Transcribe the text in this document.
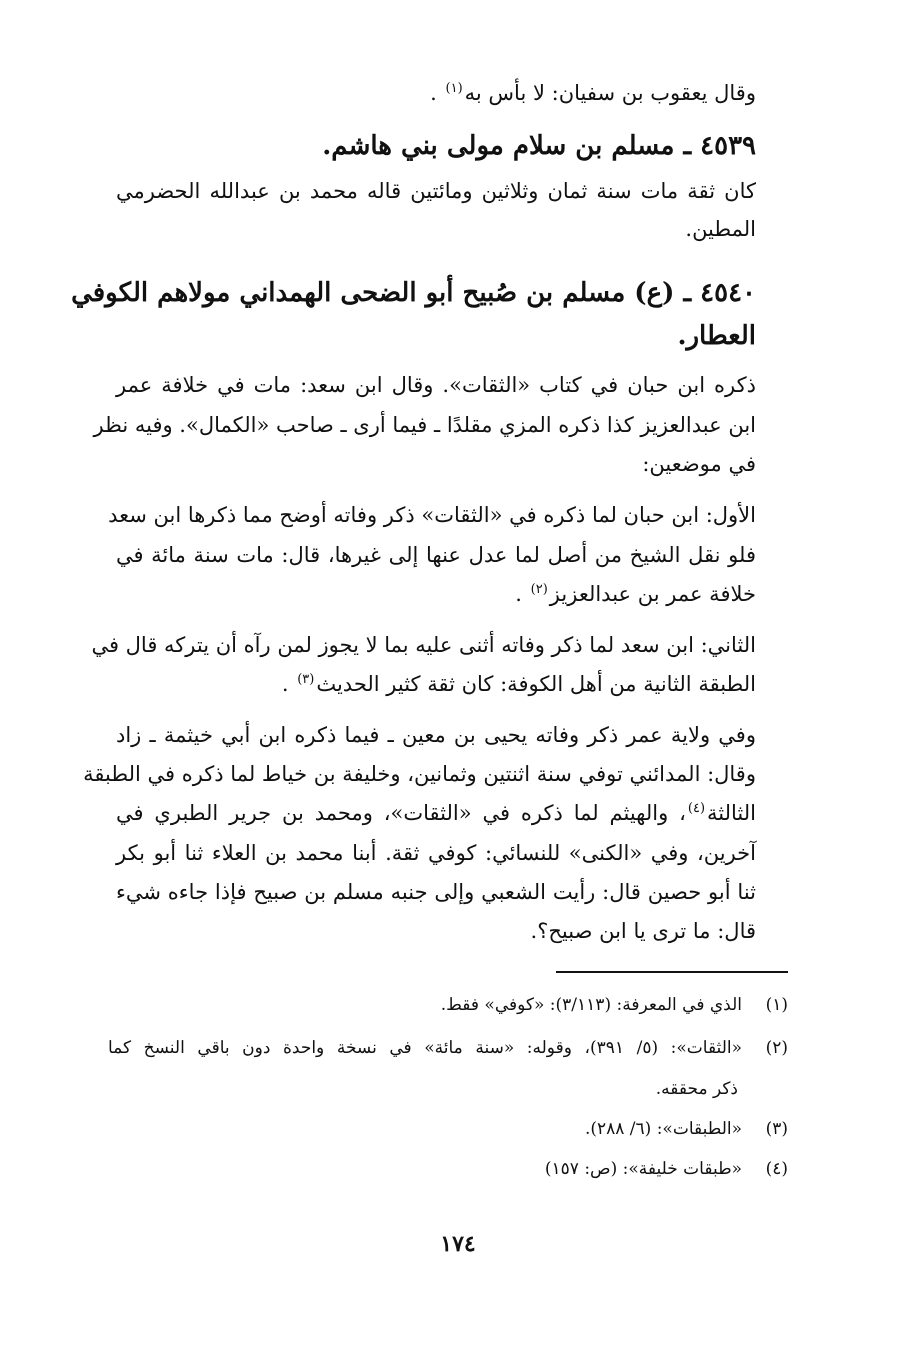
وقال يعقوب بن سفيان: لا بأس به$^{(١)}$ .
٤٥٣٩ ـ مسلم بن سلام مولى بني هاشم.
كان ثقة مات سنة ثمان وثلاثين ومائتين قاله محمد بن عبدالله الحضرمي
المطين.
٤٥٤٠ ـ (ع) مسلم بن صُبيح أبو الضحى الهمداني مولاهم الكوفي
العطار.
ذكره ابن حبان في كتاب «الثقات». وقال ابن سعد: مات في خلافة عمر
ابن عبدالعزيز كذا ذكره المزي مقلدًا ـ فيما أرى ـ صاحب «الكمال». وفيه نظر
في موضعين:
الأول: ابن حبان لما ذكره في «الثقات» ذكر وفاته أوضح مما ذكرها ابن سعد
فلو نقل الشيخ من أصل لما عدل عنها إلى غيرها، قال: مات سنة مائة في
خلافة عمر بن عبدالعزيز$^{(٢)}$ .
الثاني: ابن سعد لما ذكر وفاته أثنى عليه بما لا يجوز لمن رآه أن يتركه قال في
الطبقة الثانية من أهل الكوفة: كان ثقة كثير الحديث$^{(٣)}$ .
وفي ولاية عمر ذكر وفاته يحيى بن معين ـ فيما ذكره ابن أبي خيثمة ـ زاد
وقال: المدائني توفي سنة اثنتين وثمانين، وخليفة بن خياط لما ذكره في الطبقة
الثالثة$^{(٤)}$، والهيثم لما ذكره في «الثقات»، ومحمد بن جرير الطبري في
آخرين، وفي «الكنى» للنسائي: كوفي ثقة. أبنا محمد بن العلاء ثنا أبو بكر
ثنا أبو حصين قال: رأيت الشعبي وإلى جنبه مسلم بن صبيح فإذا جاءه شيء
قال: ما ترى يا ابن صبيح؟.
(١)الذي في المعرفة: (٣/١١٣): «كوفي» فقط.
(٢)«الثقات»: (٥/ ٣٩١)، وقوله: «سنة مائة» في نسخة واحدة دون باقي النسخ كما
ذكر محققه.
(٣)«الطبقات»: (٦/ ٢٨٨).
(٤)«طبقات خليفة»: (ص: ١٥٧)
١٧٤
